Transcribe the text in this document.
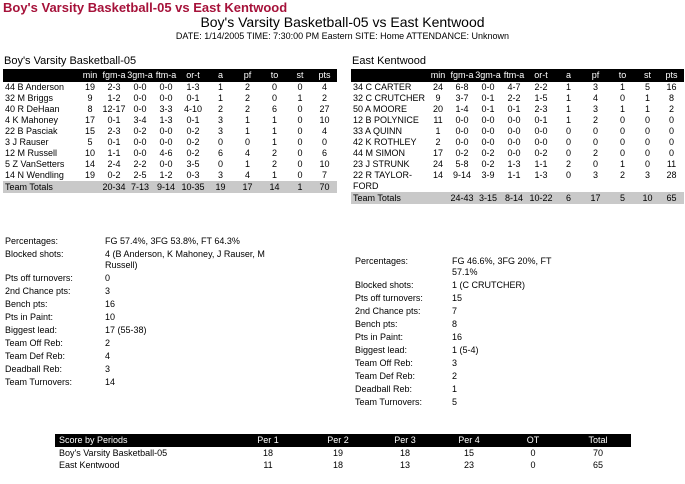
Boy's Varsity Basketball-05 vs East Kentwood
Boy's Varsity Basketball-05 vs East Kentwood
DATE: 1/14/2005 TIME: 7:30:00 PM Eastern SITE: Home ATTENDANCE: Unknown
Boy's Varsity Basketball-05
	min	fgm-a	3gm-a	ftm-a	or-t	a	pf	to	st	pts
44 B Anderson	19	2-3	0-0	0-0	1-3	1	2	0	0	4
32 M Briggs	9	1-2	0-0	0-0	0-1	1	2	0	1	2
40 R DeHaan	8	12-17	0-0	3-3	4-10	2	2	6	0	27
4 K Mahoney	17	0-1	3-4	1-3	0-1	3	1	1	0	10
22 B Pasciak	15	2-3	0-2	0-0	0-2	3	1	1	0	4
3 J Rauser	5	0-1	0-0	0-0	0-2	0	0	1	0	0
12 M Russell	10	1-1	0-0	4-6	0-2	6	4	2	0	6
5 Z VanSetters	14	2-4	2-2	0-0	3-5	0	1	2	0	10
14 N Wendling	19	0-2	2-5	1-2	0-3	3	4	1	0	7
Team Totals		20-34	7-13	9-14	10-35	19	17	14	1	70
Percentages:	FG 57.4%, 3FG 53.8%, FT 64.3%
Blocked shots:	4 (B Anderson, K Mahoney, J Rauser, M Russell)
Pts off turnovers:	0
2nd Chance pts:	3
Bench pts:	16
Pts in Paint:	10
Biggest lead:	17 (55-38)
Team Off Reb:	2
Team Def Reb:	4
Deadball Reb:	3
Team Turnovers:	14
East Kentwood
	min	fgm-a	3gm-a	ftm-a	or-t	a	pf	to	st	pts
34 C CARTER	24	6-8	0-0	4-7	2-2	1	3	1	5	16
32 C CRUTCHER	9	3-7	0-1	2-2	1-5	1	4	0	1	8
50 A MOORE	20	1-4	0-1	0-1	2-3	1	3	1	1	2
12 B POLYNICE	11	0-0	0-0	0-0	0-1	1	2	0	0	0
33 A QUINN	1	0-0	0-0	0-0	0-0	0	0	0	0	0
42 K ROTHLEY	2	0-0	0-0	0-0	0-0	0	0	0	0	0
44 M SIMON	17	0-2	0-2	0-0	0-2	0	2	0	0	0
23 J STRUNK	24	5-8	0-2	1-3	1-1	2	0	1	0	11
22 R TAYLOR-FORD	14	9-14	3-9	1-1	1-3	0	3	2	3	28
Team Totals		24-43	3-15	8-14	10-22	6	17	5	10	65
Percentages:	FG 46.6%, 3FG 20%, FT 57.1%
Blocked shots:	1 (C CRUTCHER)
Pts off turnovers:	15
2nd Chance pts:	7
Bench pts:	8
Pts in Paint:	16
Biggest lead:	1 (5-4)
Team Off Reb:	3
Team Def Reb:	2
Deadball Reb:	1
Team Turnovers:	5
Score by Periods	Per 1	Per 2	Per 3	Per 4	OT	Total
Boy's Varsity Basketball-05	18	19	18	15	0	70
East Kentwood	11	18	13	23	0	65
